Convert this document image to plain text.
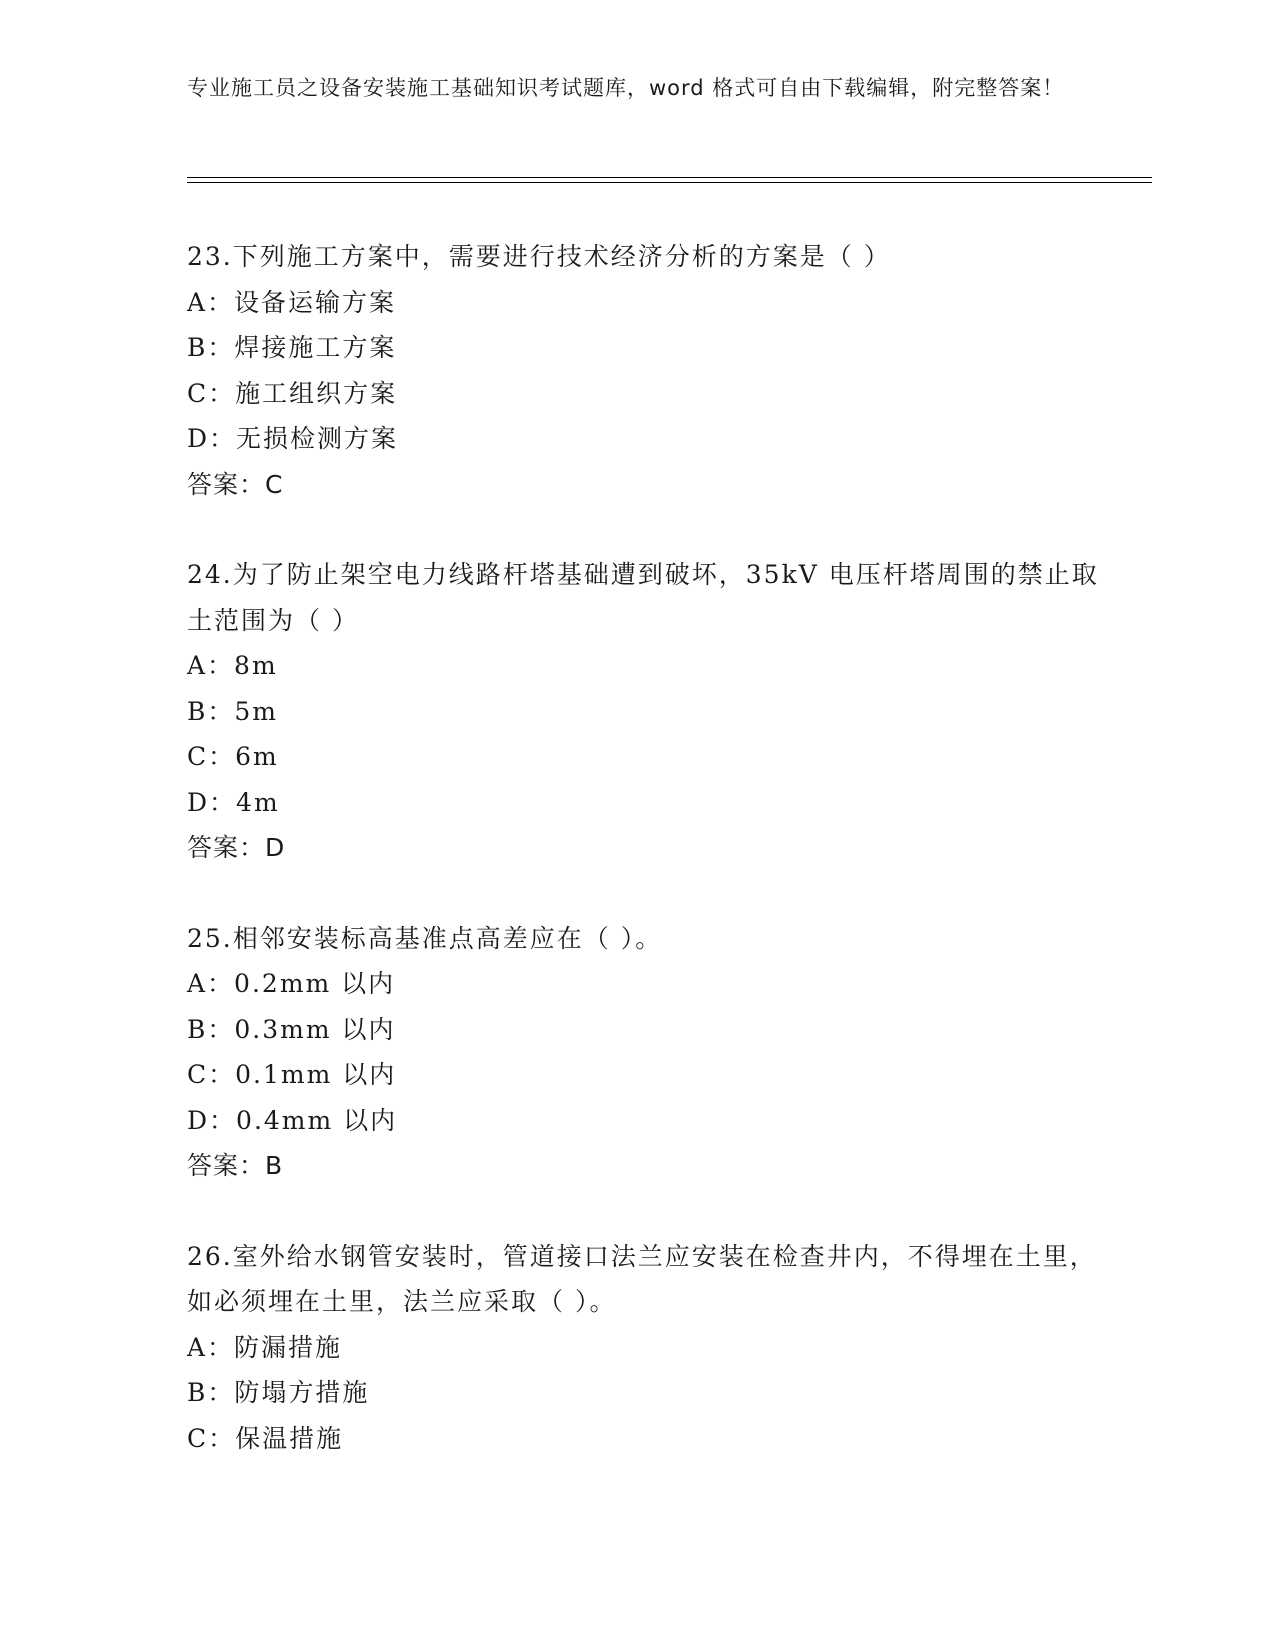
专业施工员之设备安装施工基础知识考试题库，word 格式可自由下载编辑，附完整答案！

23.下列施工方案中，需要进行技术经济分析的方案是（ ）

A：设备运输方案
B：焊接施工方案
C：施工组织方案
D：无损检测方案
答案：C

24.为了防止架空电力线路杆塔基础遭到破坏，35kV 电压杆塔周围的禁止取土范围为（ ）

A：8m
B：5m
C：6m
D：4m
答案：D

25.相邻安装标高基准点高差应在（ ）。

A：0.2mm 以内
B：0.3mm 以内
C：0.1mm 以内
D：0.4mm 以内
答案：B

26.室外给水钢管安装时，管道接口法兰应安装在检查井内，不得埋在土里，如必须埋在土里，法兰应采取（ ）。

A：防漏措施
B：防塌方措施
C：保温措施
